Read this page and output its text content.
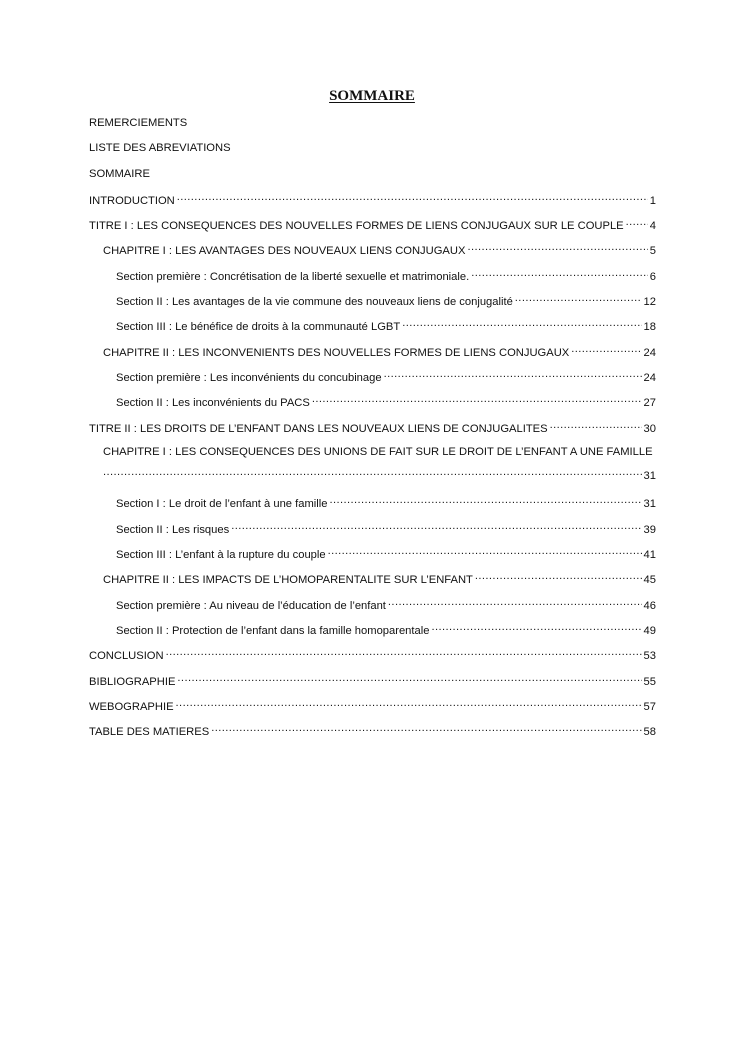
SOMMAIRE
REMERCIEMENTS
LISTE DES ABREVIATIONS
SOMMAIRE
INTRODUCTION .....	1
TITRE I : LES CONSEQUENCES DES NOUVELLES FORMES DE LIENS CONJUGAUX SUR LE COUPLE ..... 4
CHAPITRE I : LES AVANTAGES DES NOUVEAUX LIENS CONJUGAUX .....	5
Section première : Concrétisation de la liberté sexuelle et matrimoniale. .....	6
Section II : Les avantages de la vie commune des nouveaux liens de conjugalité .....	12
Section III : Le bénéfice de droits à la communauté LGBT .....	18
CHAPITRE II : LES INCONVENIENTS DES NOUVELLES FORMES DE LIENS CONJUGAUX .....	24
Section première : Les inconvénients du concubinage .....	24
Section II : Les inconvénients du PACS .....	27
TITRE II : LES DROITS DE L’ENFANT DANS LES NOUVEAUX LIENS DE CONJUGALITES .....	30
CHAPITRE I : LES CONSEQUENCES DES UNIONS DE FAIT SUR LE DROIT DE L’ENFANT A UNE FAMILLE
.....
31
Section I : Le droit de l’enfant à une famille .....	31
Section II : Les risques .....	39
Section III : L’enfant à la rupture du couple .....	41
CHAPITRE II : LES IMPACTS DE L’HOMOPARENTALITE SUR L’ENFANT .....	45
Section première : Au niveau de l’éducation de l’enfant .....	46
Section II : Protection de l’enfant dans la famille homoparentale .....	49
CONCLUSION .....	53
BIBLIOGRAPHIE .....	55
WEBOGRAPHIE .....	57
TABLE DES MATIERES .....	58
